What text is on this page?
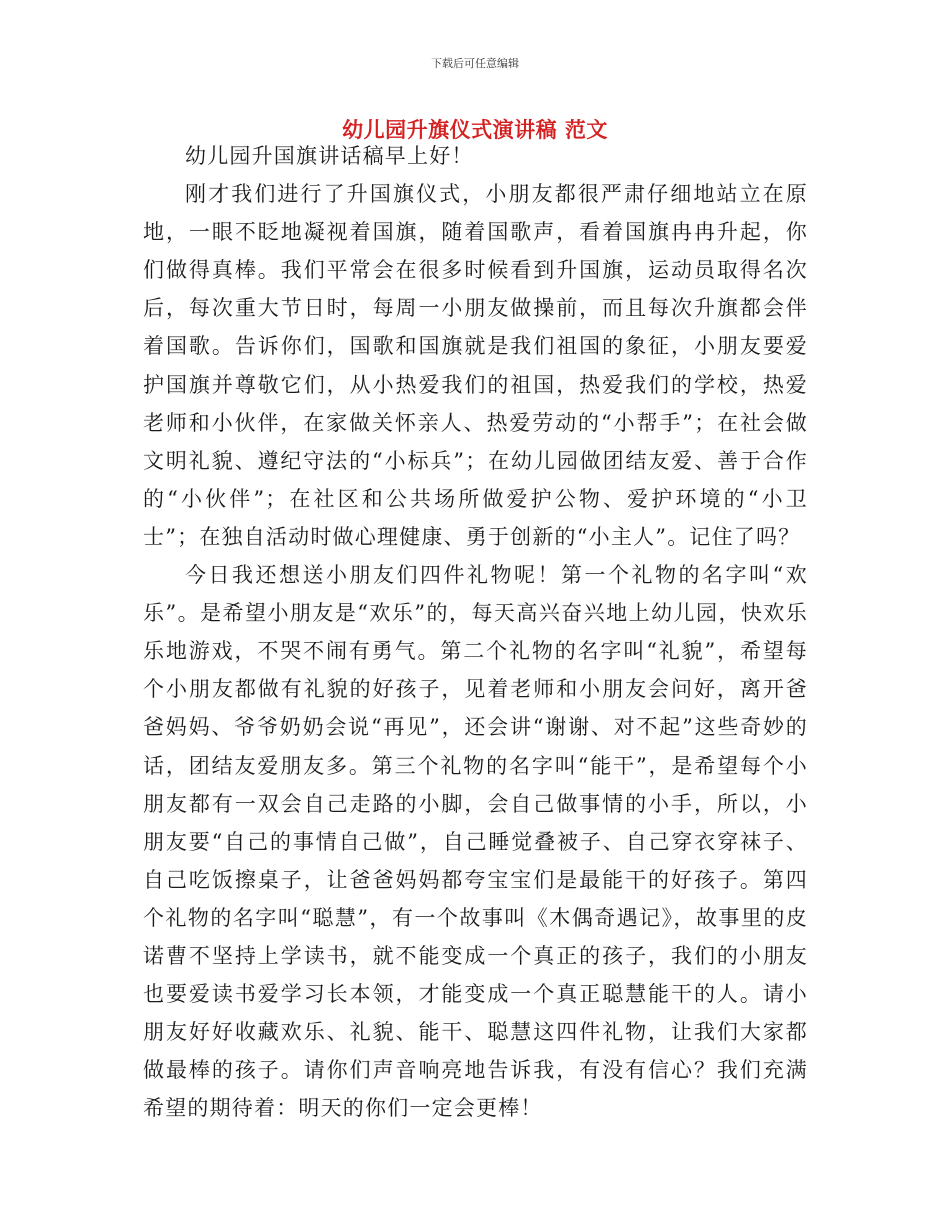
下载后可任意编辑
幼儿园升旗仪式演讲稿 范文

幼儿园升国旗讲话稿早上好！

刚才我们进行了升国旗仪式，小朋友都很严肃仔细地站立在原地，一眼不眨地凝视着国旗，随着国歌声，看着国旗冉冉升起，你们做得真棒。我们平常会在很多时候看到升国旗，运动员取得名次后，每次重大节日时，每周一小朋友做操前，而且每次升旗都会伴着国歌。告诉你们，国歌和国旗就是我们祖国的象征，小朋友要爱护国旗并尊敬它们，从小热爱我们的祖国，热爱我们的学校，热爱老师和小伙伴，在家做关怀亲人、热爱劳动的“小帮手”；在社会做文明礼貌、遵纪守法的“小标兵”；在幼儿园做团结友爱、善于合作的“小伙伴”；在社区和公共场所做爱护公物、爱护环境的“小卫士”；在独自活动时做心理健康、勇于创新的“小主人”。记住了吗？

今日我还想送小朋友们四件礼物呢！第一个礼物的名字叫“欢乐”。是希望小朋友是“欢乐”的，每天高兴奋兴地上幼儿园，快欢乐乐地游戏，不哭不闹有勇气。第二个礼物的名字叫“礼貌”，希望每个小朋友都做有礼貌的好孩子，见着老师和小朋友会问好，离开爸爸妈妈、爷爷奶奶会说“再见”，还会讲“谢谢、对不起”这些奇妙的话，团结友爱朋友多。第三个礼物的名字叫“能干”，是希望每个小朋友都有一双会自己走路的小脚，会自己做事情的小手，所以，小朋友要“自己的事情自己做”，自己睡觉叠被子、自己穿衣穿袜子、自己吃饭擦桌子，让爸爸妈妈都夸宝宝们是最能干的好孩子。第四个礼物的名字叫“聪慧”，有一个故事叫《木偶奇遇记》，故事里的皮诺曹不坚持上学读书，就不能变成一个真正的孩子，我们的小朋友也要爱读书爱学习长本领，才能变成一个真正聪慧能干的人。请小朋友好好收藏欢乐、礼貌、能干、聪慧这四件礼物，让我们大家都做最棒的孩子。请你们声音响亮地告诉我，有没有信心？我们充满希望的期待着：明天的你们一定会更棒！
